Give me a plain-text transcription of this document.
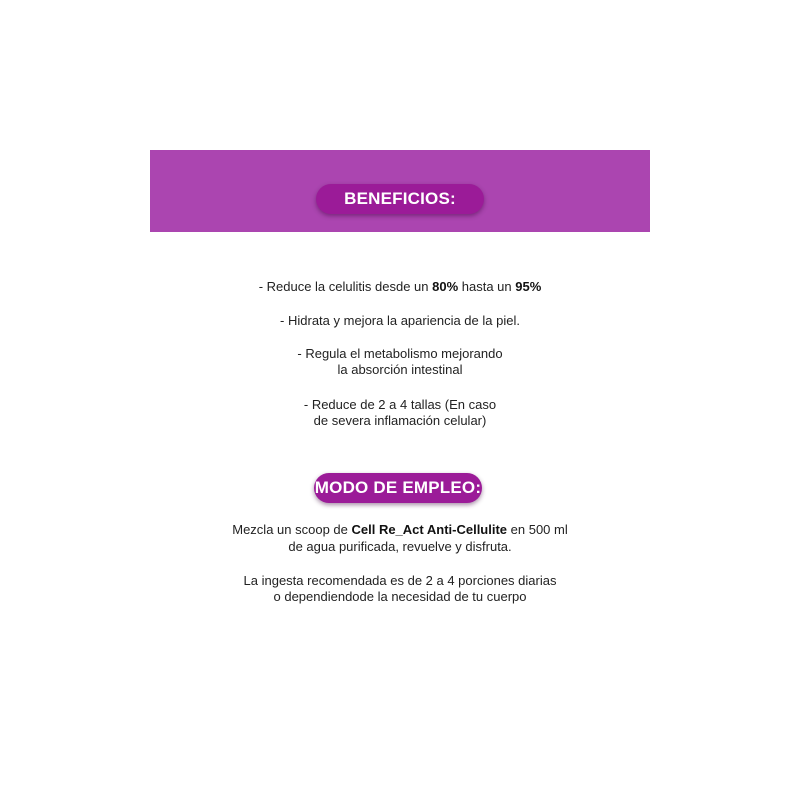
BENEFICIOS:
- Reduce la celulitis desde un 80% hasta un 95%
- Hidrata y mejora la apariencia de la piel.
- Regula el metabolismo mejorando
la absorción intestinal
- Reduce de 2 a 4 tallas (En caso
de severa inflamación celular)
MODO DE EMPLEO:
Mezcla un scoop de Cell Re_Act Anti-Cellulite en 500 ml
de agua purificada, revuelve y disfruta.
La ingesta recomendada es de 2 a 4 porciones diarias
o dependiendode la necesidad de tu cuerpo
